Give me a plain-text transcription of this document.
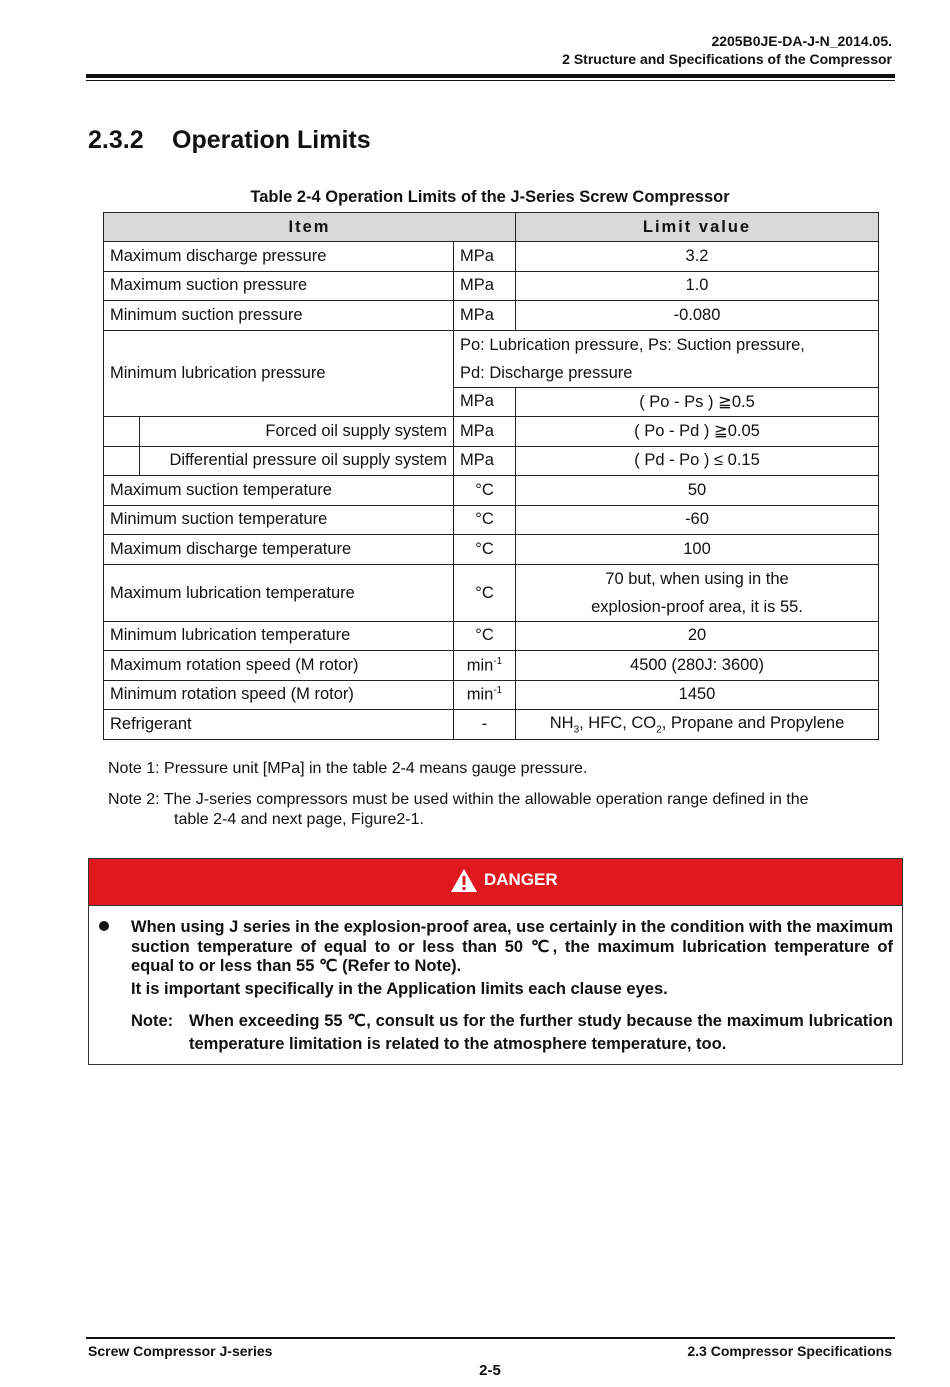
2205B0JE-DA-J-N_2014.05.
2 Structure and Specifications of the Compressor
2.3.2 Operation Limits
Table 2-4 Operation Limits of the J-Series Screw Compressor
Item			Limit value
Maximum discharge pressure		MPa	3.2
Maximum suction pressure		MPa	1.0
Minimum suction pressure		MPa	-0.080
Minimum lubrication pressure		Po: Lubrication pressure, Ps: Suction pressure,
Pd: Discharge pressure	

		MPa	( Po - Ps ) ≧0.5
	Forced oil supply system	MPa	( Po - Pd ) ≧0.05
	Differential pressure oil supply system	MPa	( Pd - Po ) ≤ 0.15
Maximum suction temperature		°C	50
Minimum suction temperature		°C	-60
Maximum discharge temperature		°C	100
Maximum lubrication temperature		°C	70 but, when using in the
explosion-proof area, it is 55.

Minimum lubrication temperature		°C	20
Maximum rotation speed (M rotor)		$\min^{-1}$	4500 (280J: 3600)
Minimum rotation speed (M rotor)		$\min^{-1}$	1450
Refrigerant		-	$NH_3$, HFC, $CO_2$, Propane and Propylene
Note 1: Pressure unit [MPa] in the table 2-4 means gauge pressure.
Note 2: The J-series compressors must be used within the allowable operation range defined in the
table 2-4 and next page, Figure2-1.
DANGER
When using J series in the explosion-proof area, use certainly in the condition with the maximum suction temperature of equal to or less than 50 ℃, the maximum lubrication temperature of equal to or less than 55 ℃ (Refer to Note).
It is important specifically in the Application limits each clause eyes.
Note: When exceeding 55 ℃, consult us for the further study because the maximum lubrication temperature limitation is related to the atmosphere temperature, too.
Screw Compressor J-series	2.3 Compressor Specifications
2-5
